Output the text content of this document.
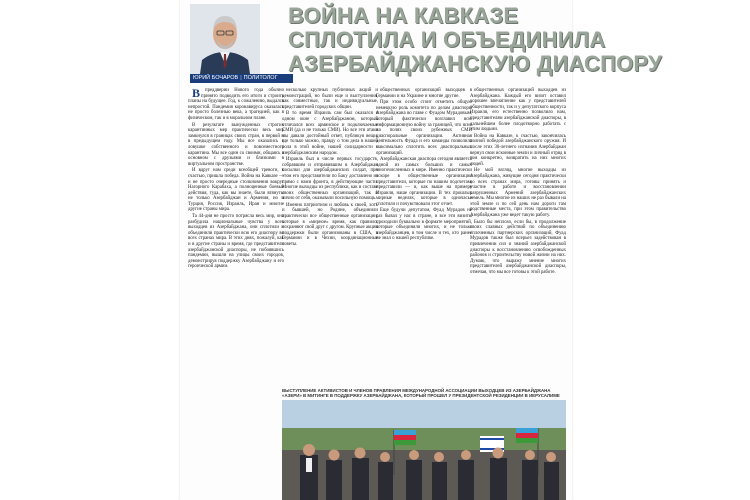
ЮРИЙ БОЧАРОВ | ПОЛИТОЛОГ
ВОЙНА НА КАВКАЗЕ
СПЛОТИЛА И ОБЪЕДИНИЛА
АЗЕРБАЙДЖАНСКУЮ ДИАСПОРУ

Впреддверии Нового года обычно принято подводить его итоги и строить планы на будущее. Год, к сожалению, выдался непростой. Пандемия коронавируса оказалась не просто болезнью века, а трагедией, как в физическом, так и в моральном плане.

В результате вынужденных строгих карантинных мер практически весь мир замкнулся в границах своих стран, в первой и в предыдущем году. Мы все оказались в ловушке собственного и повсеместного карантина. Мы все один со своими, общаясь в основном с друзьями и близкими в виртуальном пространстве.

И вдруг нам среди всеобщей тревоги, к счастью, пришла победа. Война на Кавказе — и не просто очередные столкновения вокруг Нагорного Карабаха, а полноценные боевые действия, туда, как вы знаете, были втянуты не только Азербайджан и Армения, но и Турция, Россия, Израиль, Иран и многие другие страны мира.

Та 44-дня не просто потрясла весь мир, она разбудила национальные чувства у всех выходцев из Азербайджана, они сплотили и объединили практически всю его диаспору во всех странах мира. В этих днях, пожалуй, как и в другие страны и время, где представители азербайджанской диаспоры, не побоявшись пандемии, вышли на улицы своих городов, демонстрируя поддержку Азербайджану и его героической армии.

несколько крупных публичных акций и демонстраций, но были еще и выступления, как совместные, так и индивидуальные, представителей городских общин.

В то время Израиль сам был оказался в одном окне с Азербайджаном, который отличался всех армянское и подключаемые СМИ (да и не только СМИ). Но все эти атаки мы давали достойный ответ, публикуя вещи, где только можно, правду о том дела в нашей рола в этой войне, нашей солидарности с азербайджанским народом.

Израиль был в числе первых государств, собравшим и отправившим в Азербайджан посылки для азербайджанских солдат, при этом его представители по Баку доставлено из прямо с нами фронта, в действующие части. Многие выходцы из республики, как в составе своих общественных организаций, так и лично от себя, оказывали посильную помощь.

Именно патриотизм и любовь к своей, хоть и бывшей, но Родине, объединили практически все общественные организации, которые в «мирное» время, как правило, сохраняют свой друг с другом. Крупные акции поддержки были организованы в США, в Германии и в Чехии, координационные советы.

общественных организаций выходцев в Германии и на Украине и многие другие.

При этом особо стоит отметить общую немецкую роль комитета по делам диаспоры Азербайджана во главе с Фуадом Мурадовым, который фактически возглавил всю информационную войну за границей, что ясно на полях своих рубежных СМИ диаспоральные организации. Активная деятельность Фуада и его команды позволила максимально сплотить всех диаспоральных организаций.

Азербайджанская диаспора сегодня является одной из самых больших и самых многочисленных в мире. Именно практически вскоре в общественные организации представители, которые по нашим подсчетам, представили — и, как выше на примере Израиля, наше организации. В тех прошлых мирные неделях, которые в одночасье сплотили и почувствовали этот отчет.

Еще будучи депутатом, Фуад Мурадов не раз бывал у нас в стране, и все эти визиты проходили буквально в формате мероприятий, которые объединяли многих, и не только азербайджанцев, в том числе и тех, кто ранее не знал о нашей республике.

общественных организаций выходцев из Азербайджана. Каждый его визит оставил хорошее впечатление как у представителей общественности, так и у депутатского корпуса Израиля, его естественно позволило нам, представителям азербайджанской диаспоры, в дальнейшем более плодотворно работать с этим людьми.

Война на Кавказе, к счастью, закончилась полной победой азербайджанского оружия. И после этих 30-летнего изгнания Азербайджан вернул свои исконные земли и личный отряд в том конкретно, возвратить на них многих людей.

Не мой взгляд, многие выходцы из Азербайджана, живущие сегодня практически во всех странах мира, готовы принять и участие в работе и восстановлении разрушенных Армений азербайджанских земель. Мы многие из наших не раз бывали на этой земле и по сей день нам дороги там родственные места, при этом правительство Азербайджана уже ведет такую работу.

Было бы неплохо, если бы, в продолжение своих славных действий по объединению сплоченных партнерских организаций, Фуад Мурадов также был всерьез задействован в привлечении сил и знаний азербайджанской диаспоры к восстановлению освобожденных районов и строительству новой жизни на них. Думаю, что выражу мнение многих представителей азербайджанской диаспоры, отмечая, что мы все готовы к этой работе.

ВЫСТУПЛЕНИЕ АКТИВИСТОВ И ЧЛЕНОВ ПРАВЛЕНИЯ МЕЖДУНАРОДНОЙ АССОЦИАЦИИ ВЫХОДЦЕВ ИЗ АЗЕРБАЙДЖАНА «АЗЕРИ» В МИТИНГЕ В ПОДДЕРЖКУ АЗЕРБАЙДЖАНА, КОТОРЫЙ ПРОШЕЛ У ПРЕЗИДЕНТСКОЙ РЕЗИДЕНЦИИ В ИЕРУСАЛИМЕ
